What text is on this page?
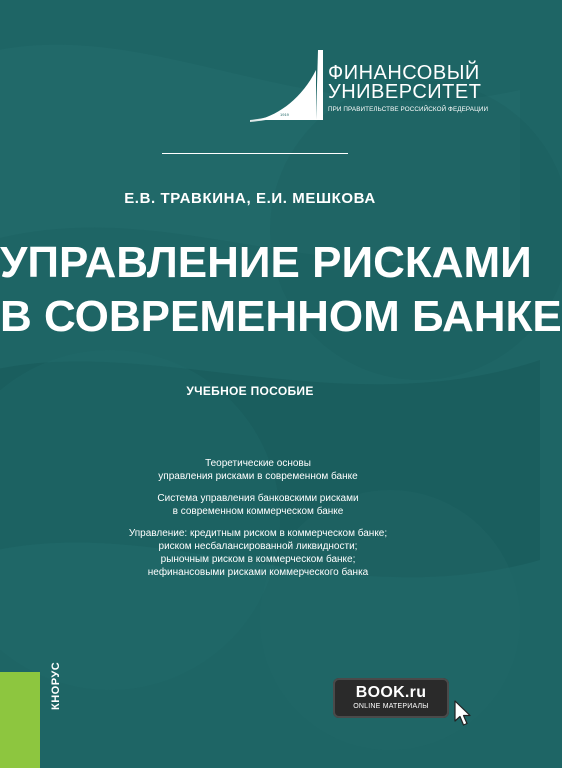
1919
ФИНАНСОВЫЙ
УНИВЕРСИТЕТ
ПРИ ПРАВИТЕЛЬСТВЕ РОССИЙСКОЙ ФЕДЕРАЦИИ
Е.В. ТРАВКИНА, Е.И. МЕШКОВА
УПРАВЛЕНИЕ РИСКАМИ
В СОВРЕМЕННОМ БАНКЕ
УЧЕБНОЕ ПОСОБИЕ
Теоретические основы
управления рисками в современном банке
Система управления банковскими рисками
в современном коммерческом банке
Управление: кредитным риском в коммерческом банке;
риском несбалансированной ликвидности;
рыночным риском в коммерческом банке;
нефинансовыми рисками коммерческого банка
КНОРУС	BOOK.ru
ONLINE МАТЕРИАЛЫ
